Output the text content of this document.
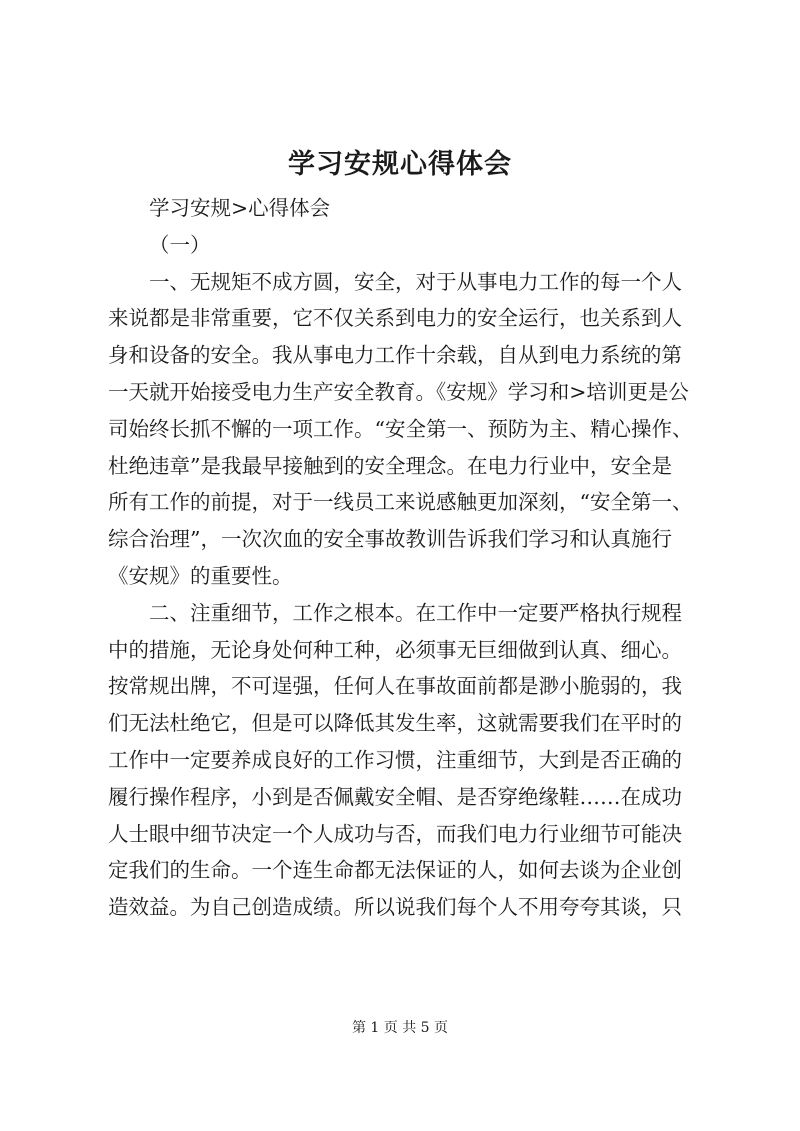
学习安规心得体会
学习安规>心得体会
（一）
一、无规矩不成方圆，安全，对于从事电力工作的每一个人
来说都是非常重要，它不仅关系到电力的安全运行，也关系到人
身和设备的安全。我从事电力工作十余载，自从到电力系统的第
一天就开始接受电力生产安全教育。《安规》学习和>培训更是公
司始终长抓不懈的一项工作。“安全第一、预防为主、精心操作、
杜绝违章”是我最早接触到的安全理念。在电力行业中，安全是
所有工作的前提，对于一线员工来说感触更加深刻，“安全第一、
综合治理”，一次次血的安全事故教训告诉我们学习和认真施行
《安规》的重要性。
二、注重细节，工作之根本。在工作中一定要严格执行规程
中的措施，无论身处何种工种，必须事无巨细做到认真、细心。
按常规出牌，不可逞强，任何人在事故面前都是渺小脆弱的，我
们无法杜绝它，但是可以降低其发生率，这就需要我们在平时的
工作中一定要养成良好的工作习惯，注重细节，大到是否正确的
履行操作程序，小到是否佩戴安全帽、是否穿绝缘鞋……在成功
人士眼中细节决定一个人成功与否，而我们电力行业细节可能决
定我们的生命。一个连生命都无法保证的人，如何去谈为企业创
造效益。为自己创造成绩。所以说我们每个人不用夸夸其谈，只
第 1 页 共 5 页
